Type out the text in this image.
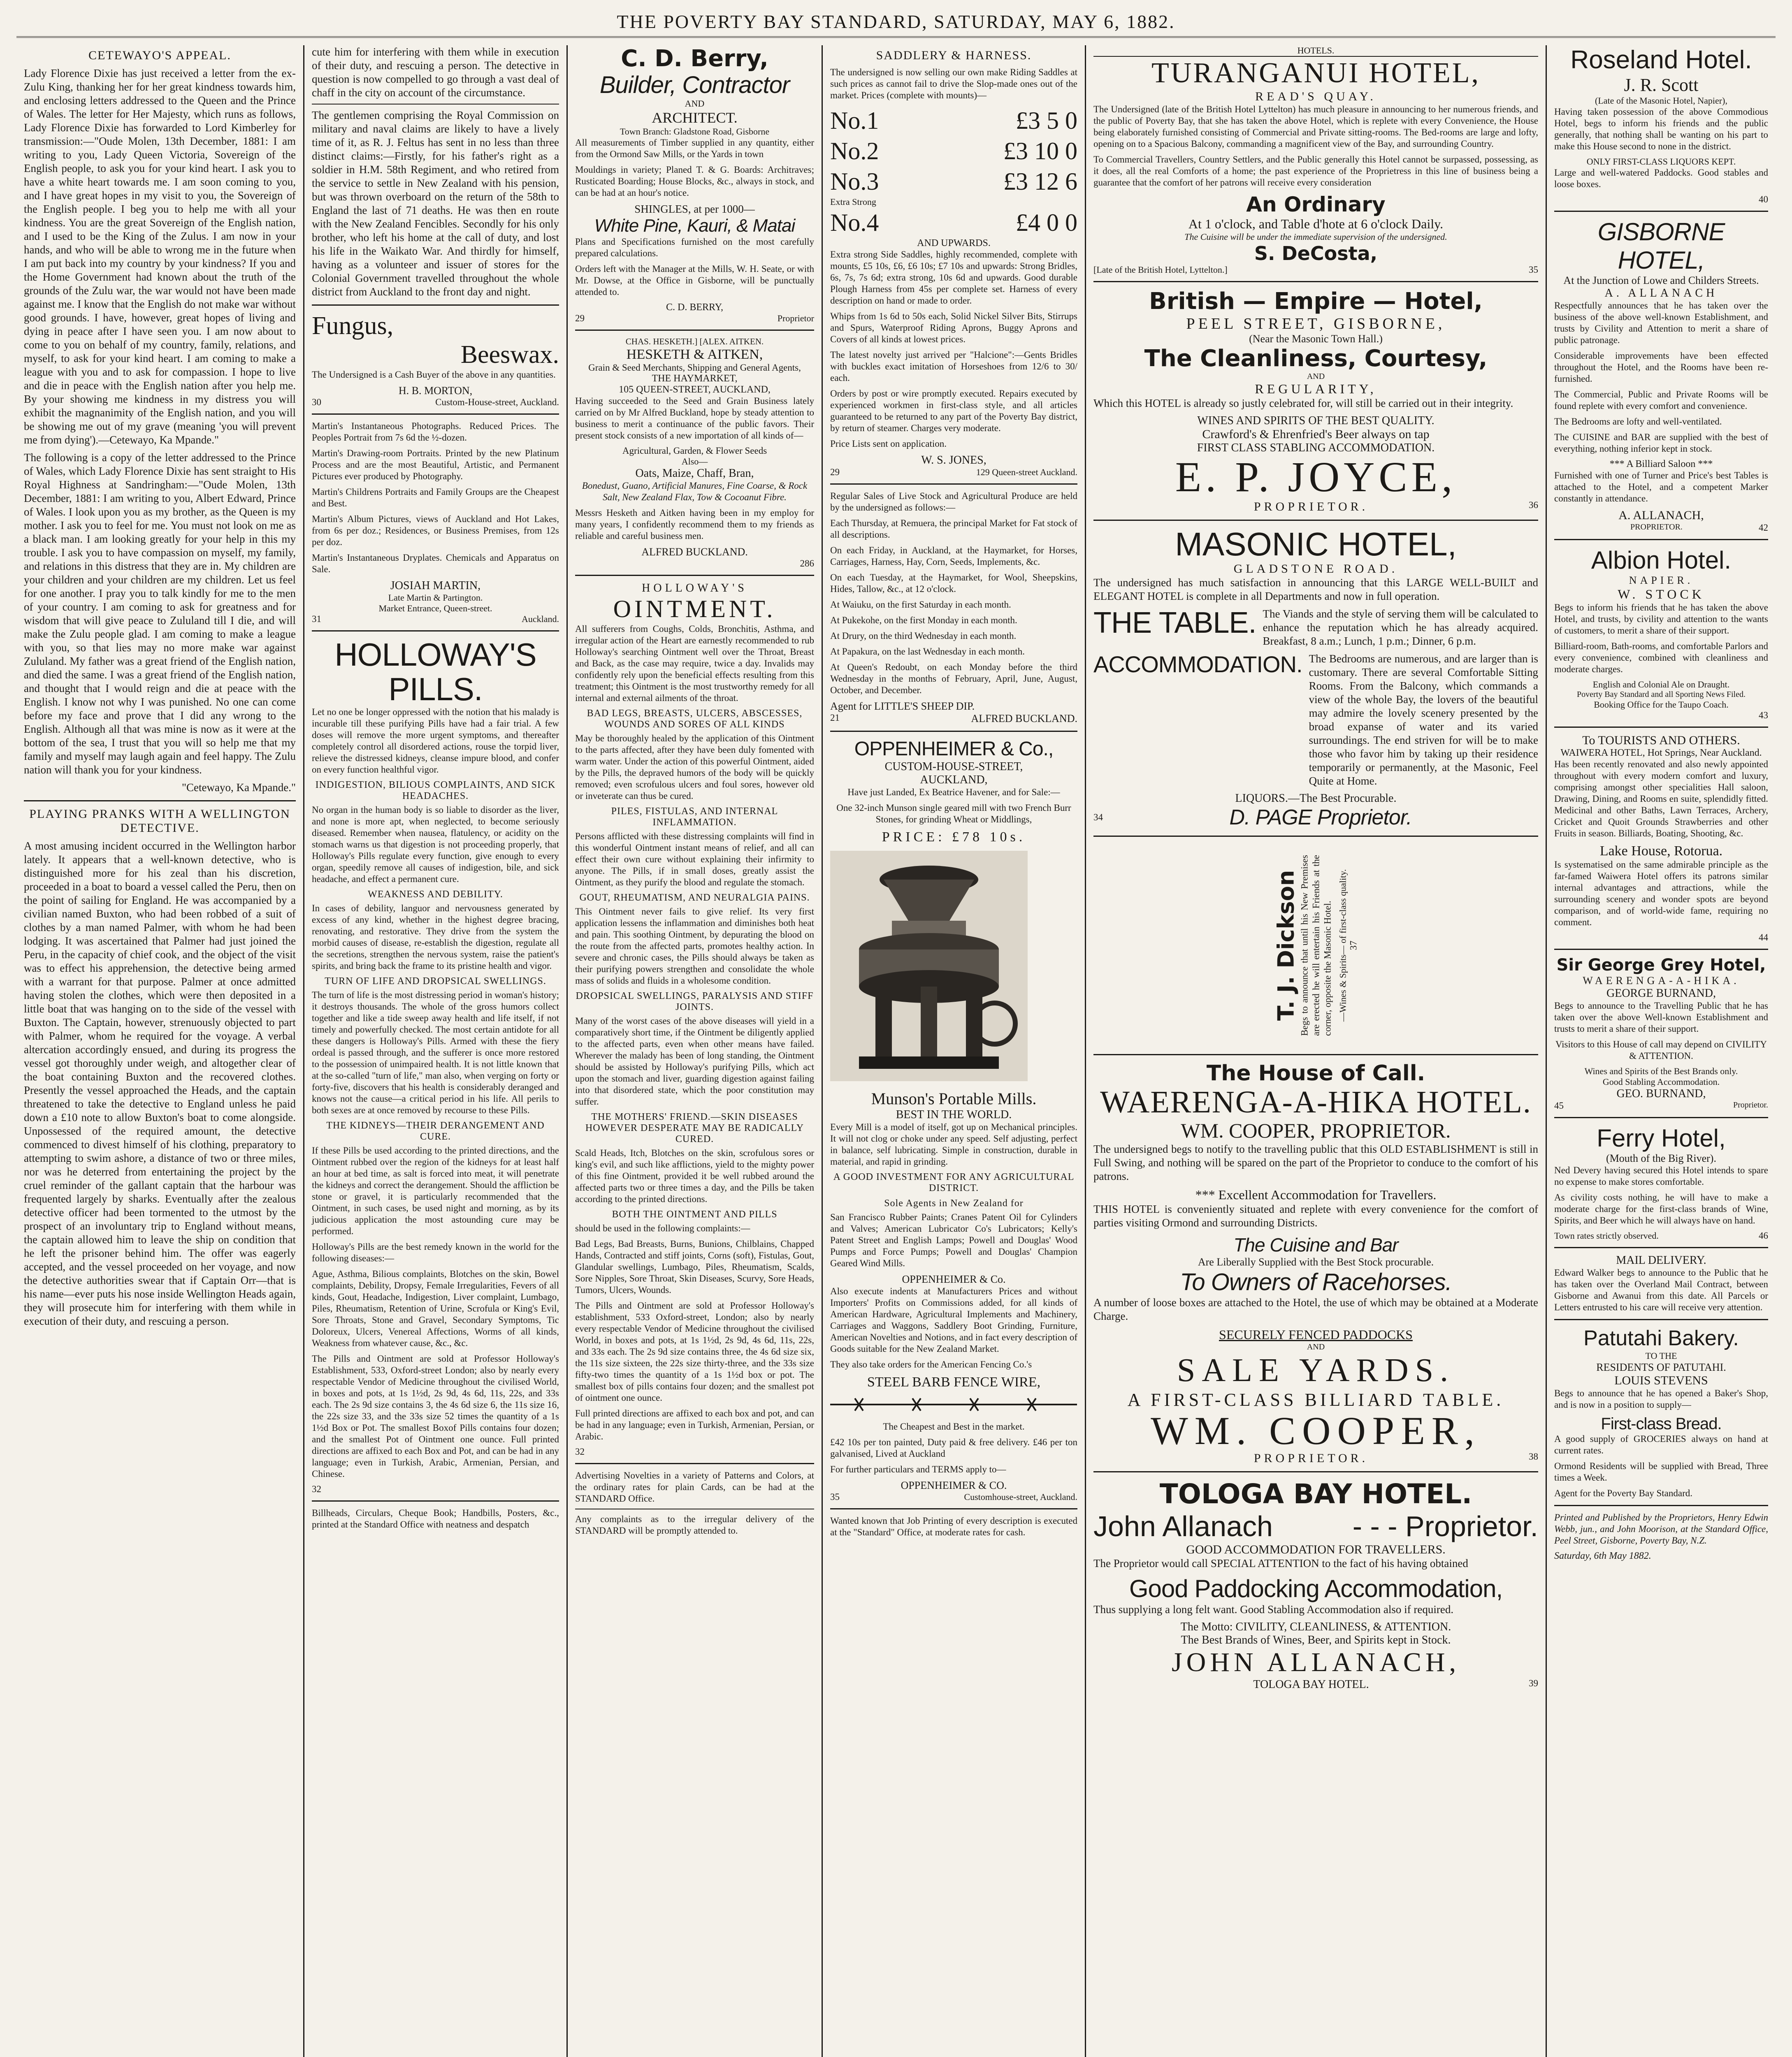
THE POVERTY BAY STANDARD, SATURDAY, MAY 6, 1882.
CETEWAYO'S APPEAL.

Lady Florence Dixie has just received a letter from the ex-Zulu King, thanking her for her great kindness towards him, and enclosing letters addressed to the Queen and the Prince of Wales. The letter for Her Majesty, which runs as follows, Lady Florence Dixie has forwarded to Lord Kimberley for transmission:—"Oude Molen, 13th December, 1881: I am writing to you, Lady Queen Victoria, Sovereign of the English people, to ask you for your kind heart. I ask you to have a white heart towards me. I am soon coming to you, and I have great hopes in my visit to you, the Sovereign of the English people. I beg you to help me with all your kindness. You are the great Sovereign of the English nation, and I used to be the King of the Zulus. I am now in your hands, and who will be able to wrong me in the future when I am put back into my country by your kindness? If you and the Home Government had known about the truth of the grounds of the Zulu war, the war would not have been made against me. I know that the English do not make war without good grounds. I have, however, great hopes of living and dying in peace after I have seen you. I am now about to come to you on behalf of my country, family, relations, and myself, to ask for your kind heart. I am coming to make a league with you and to ask for compassion. I hope to live and die in peace with the English nation after you help me. By your showing me kindness in my distress you will exhibit the magnanimity of the English nation, and you will be showing me out of my grave (meaning 'you will prevent me from dying').—Cetewayo, Ka Mpande."

The following is a copy of the letter addressed to the Prince of Wales, which Lady Florence Dixie has sent straight to His Royal Highness at Sandringham:—"Oude Molen, 13th December, 1881: I am writing to you, Albert Edward, Prince of Wales. I look upon you as my brother, as the Queen is my mother. I ask you to feel for me. You must not look on me as a black man. I am looking greatly for your help in this my trouble. I ask you to have compassion on myself, my family, and relations in this distress that they are in. My children are your children and your children are my children. Let us feel for one another. I pray you to talk kindly for me to the men of your country. I am coming to ask for greatness and for wisdom that will give peace to Zululand till I die, and will make the Zulu people glad. I am coming to make a league with you, so that lies may no more make war against Zululand. My father was a great friend of the English nation, and died the same. I was a great friend of the English nation, and thought that I would reign and die at peace with the English. I know not why I was punished. No one can come before my face and prove that I did any wrong to the English. Although all that was mine is now as it were at the bottom of the sea, I trust that you will so help me that my family and myself may laugh again and feel happy. The Zulu nation will thank you for your kindness.

"Cetewayo, Ka Mpande."

PLAYING PRANKS WITH A WELLINGTON DETECTIVE.

A most amusing incident occurred in the Wellington harbor lately. It appears that a well-known detective, who is distinguished more for his zeal than his discretion, proceeded in a boat to board a vessel called the Peru, then on the point of sailing for England. He was accompanied by a civilian named Buxton, who had been robbed of a suit of clothes by a man named Palmer, with whom he had been lodging. It was ascertained that Palmer had just joined the Peru, in the capacity of chief cook, and the object of the visit was to effect his apprehension, the detective being armed with a warrant for that purpose. Palmer at once admitted having stolen the clothes, which were then deposited in a little boat that was hanging on to the side of the vessel with Buxton. The Captain, however, strenuously objected to part with Palmer, whom he required for the voyage. A verbal altercation accordingly ensued, and during its progress the vessel got thoroughly under weigh, and altogether clear of the boat containing Buxton and the recovered clothes. Presently the vessel approached the Heads, and the captain threatened to take the detective to England unless he paid down a £10 note to allow Buxton's boat to come alongside. Unpossessed of the required amount, the detective commenced to divest himself of his clothing, preparatory to attempting to swim ashore, a distance of two or three miles, nor was he deterred from entertaining the project by the cruel reminder of the gallant captain that the harbour was frequented largely by sharks. Eventually after the zealous detective officer had been tormented to the utmost by the prospect of an involuntary trip to England without means, the captain allowed him to leave the ship on condition that he left the prisoner behind him. The offer was eagerly accepted, and the vessel proceeded on her voyage, and now the detective authorities swear that if Captain Orr—that is his name—ever puts his nose inside Wellington Heads again, they will prosecute him for interfering with them while in execution of their duty, and rescuing a person.

cute him for interfering with them while in execution of their duty, and rescuing a person. The detective in question is now compelled to go through a vast deal of chaff in the city on account of the circumstance.

The gentlemen comprising the Royal Commission on military and naval claims are likely to have a lively time of it, as R. J. Feltus has sent in no less than three distinct claims:—Firstly, for his father's right as a soldier in H.M. 58th Regiment, and who retired from the service to settle in New Zealand with his pension, but was thrown overboard on the return of the 58th to England the last of 71 deaths. He was then en route with the New Zealand Fencibles. Secondly for his only brother, who left his home at the call of duty, and lost his life in the Waikato War. And thirdly for himself, having as a volunteer and issuer of stores for the Colonial Government travelled throughout the whole district from Auckland to the front day and night.

Fungus,
Beeswax.

The Undersigned is a Cash Buyer of the above in any quantities.

H. B. MORTON,
30	Custom-House-street, Auckland.

Martin's Instantaneous Photographs. Reduced Prices. The Peoples Portrait from 7s 6d the ½-dozen.

Martin's Drawing-room Portraits. Printed by the new Platinum Process and are the most Beautiful, Artistic, and Permanent Pictures ever produced by Photography.

Martin's Childrens Portraits and Family Groups are the Cheapest and Best.

Martin's Album Pictures, views of Auckland and Hot Lakes, from 6s per doz.; Residences, or Business Premises, from 12s per doz.

Martin's Instantaneous Dryplates. Chemicals and Apparatus on Sale.

JOSIAH MARTIN,
Late Martin & Partington.
Market Entrance, Queen-street.
31	Auckland.
HOLLOWAY'S PILLS.

Let no one be longer oppressed with the notion that his malady is incurable till these purifying Pills have had a fair trial. A few doses will remove the more urgent symptoms, and thereafter completely control all disordered actions, rouse the torpid liver, relieve the distressed kidneys, cleanse impure blood, and confer on every function healthful vigor.

INDIGESTION, BILIOUS COMPLAINTS, AND SICK HEADACHES.

No organ in the human body is so liable to disorder as the liver, and none is more apt, when neglected, to become seriously diseased. Remember when nausea, flatulency, or acidity on the stomach warns us that digestion is not proceeding properly, that Holloway's Pills regulate every function, give enough to every organ, speedily remove all causes of indigestion, bile, and sick headache, and effect a permanent cure.

WEAKNESS AND DEBILITY.

In cases of debility, languor and nervousness generated by excess of any kind, whether in the highest degree bracing, renovating, and restorative. They drive from the system the morbid causes of disease, re-establish the digestion, regulate all the secretions, strengthen the nervous system, raise the patient's spirits, and bring back the frame to its pristine health and vigor.

TURN OF LIFE AND DROPSICAL SWELLINGS.

The turn of life is the most distressing period in woman's history; it destroys thousands. The whole of the gross humors collect together and like a tide sweep away health and life itself, if not timely and powerfully checked. The most certain antidote for all these dangers is Holloway's Pills. Armed with these the fiery ordeal is passed through, and the sufferer is once more restored to the possession of unimpaired health. It is not little known that at the so-called "turn of life," man also, when verging on forty or forty-five, discovers that his health is considerably deranged and knows not the cause—a critical period in his life. All perils to both sexes are at once removed by recourse to these Pills.

THE KIDNEYS—THEIR DERANGEMENT AND CURE.

If these Pills be used according to the printed directions, and the Ointment rubbed over the region of the kidneys for at least half an hour at bed time, as salt is forced into meat, it will penetrate the kidneys and correct the derangement. Should the affliction be stone or gravel, it is particularly recommended that the Ointment, in such cases, be used night and morning, as by its judicious application the most astounding cure may be performed.

Holloway's Pills are the best remedy known in the world for the following diseases:—

Ague, Asthma, Bilious complaints, Blotches on the skin, Bowel complaints, Debility, Dropsy, Female Irregularities, Fevers of all kinds, Gout, Headache, Indigestion, Liver complaint, Lumbago, Piles, Rheumatism, Retention of Urine, Scrofula or King's Evil, Sore Throats, Stone and Gravel, Secondary Symptoms, Tic Doloreux, Ulcers, Venereal Affections, Worms of all kinds, Weakness from whatever cause, &c., &c.

The Pills and Ointment are sold at Professor Holloway's Establishment, 533, Oxford-street London; also by nearly every respectable Vendor of Medicine throughout the civilised World, in boxes and pots, at 1s 1½d, 2s 9d, 4s 6d, 11s, 22s, and 33s each. The 2s 9d size contains 3, the 4s 6d size 6, the 11s size 16, the 22s size 33, and the 33s size 52 times the quantity of a 1s 1½d Box or Pot. The smallest Boxof Pills contains four dozen; and the smallest Pot of Ointment one ounce. Full printed directions are affixed to each Box and Pot, and can be had in any language; even in Turkish, Arabic, Armenian, Persian, and Chinese.

32

Billheads, Circulars, Cheque Book; Handbills, Posters, &c., printed at the Standard Office with neatness and despatch

C. D. Berry,
Builder, Contractor
AND
ARCHITECT.
Town Branch: Gladstone Road, Gisborne

All measurements of Timber supplied in any quantity, either from the Ormond Saw Mills, or the Yards in town

Mouldings in variety; Planed T. & G. Boards: Architraves; Rusticated Boarding; House Blocks, &c., always in stock, and can be had at an hour's notice.

SHINGLES, at per 1000—
White Pine, Kauri, & Matai

Plans and Specifications furnished on the most carefully prepared calculations.

Orders left with the Manager at the Mills, W. H. Seate, or with Mr. Dowse, at the Office in Gisborne, will be punctually attended to.

C. D. BERRY,
29	Proprietor
CHAS. HESKETH.] [ALEX. AITKEN.
HESKETH & AITKEN,
Grain & Seed Merchants, Shipping and General Agents,
THE HAYMARKET,
105 QUEEN-STREET, AUCKLAND,

Having succeeded to the Seed and Grain Business lately carried on by Mr Alfred Buckland, hope by steady attention to business to merit a continuance of the public favors. Their present stock consists of a new importation of all kinds of—

Agricultural, Garden, & Flower Seeds
Also—
Oats, Maize, Chaff, Bran,

Bonedust, Guano, Artificial Manures, Fine Coarse, & Rock Salt, New Zealand Flax, Tow & Cocoanut Fibre.

Messrs Hesketh and Aitken having been in my employ for many years, I confidently recommend them to my friends as reliable and careful business men.

ALFRED BUCKLAND.
286
HOLLOWAY'S
OINTMENT.

All sufferers from Coughs, Colds, Bronchitis, Asthma, and irregular action of the Heart are earnestly recommended to rub Holloway's searching Ointment well over the Throat, Breast and Back, as the case may require, twice a day. Invalids may confidently rely upon the beneficial effects resulting from this treatment; this Ointment is the most trustworthy remedy for all internal and external ailments of the throat.

BAD LEGS, BREASTS, ULCERS, ABSCESSES, WOUNDS AND SORES OF ALL KINDS

May be thoroughly healed by the application of this Ointment to the parts affected, after they have been duly fomented with warm water. Under the action of this powerful Ointment, aided by the Pills, the depraved humors of the body will be quickly removed; even scrofulous ulcers and foul sores, however old or inveterate can thus be cured.

PILES, FISTULAS, AND INTERNAL INFLAMMATION.

Persons afflicted with these distressing complaints will find in this wonderful Ointment instant means of relief, and all can effect their own cure without explaining their infirmity to anyone. The Pills, if in small doses, greatly assist the Ointment, as they purify the blood and regulate the stomach.

GOUT, RHEUMATISM, AND NEURALGIA PAINS.

This Ointment never fails to give relief. Its very first application lessens the inflammation and diminishes both heat and pain. This soothing Ointment, by depurating the blood on the route from the affected parts, promotes healthy action. In severe and chronic cases, the Pills should always be taken as their purifying powers strengthen and consolidate the whole mass of solids and fluids in a wholesome condition.

DROPSICAL SWELLINGS, PARALYSIS AND STIFF JOINTS.

Many of the worst cases of the above diseases will yield in a comparatively short time, if the Ointment be diligently applied to the affected parts, even when other means have failed. Wherever the malady has been of long standing, the Ointment should be assisted by Holloway's purifying Pills, which act upon the stomach and liver, guarding digestion against failing into that disordered state, which the poor constitution may suffer.

THE MOTHERS' FRIEND.—SKIN DISEASES HOWEVER DESPERATE MAY BE RADICALLY CURED.

Scald Heads, Itch, Blotches on the skin, scrofulous sores or king's evil, and such like afflictions, yield to the mighty power of this fine Ointment, provided it be well rubbed around the affected parts two or three times a day, and the Pills be taken according to the printed directions.

BOTH THE OINTMENT AND PILLS

should be used in the following complaints:—

Bad Legs, Bad Breasts, Burns, Bunions, Chilblains, Chapped Hands, Contracted and stiff joints, Corns (soft), Fistulas, Gout, Glandular swellings, Lumbago, Piles, Rheumatism, Scalds, Sore Nipples, Sore Throat, Skin Diseases, Scurvy, Sore Heads, Tumors, Ulcers, Wounds.

The Pills and Ointment are sold at Professor Holloway's establishment, 533 Oxford-street, London; also by nearly every respectable Vendor of Medicine throughout the civilised World, in boxes and pots, at 1s 1½d, 2s 9d, 4s 6d, 11s, 22s, and 33s each. The 2s 9d size contains three, the 4s 6d size six, the 11s size sixteen, the 22s size thirty-three, and the 33s size fifty-two times the quantity of a 1s 1½d box or pot. The smallest box of pills contains four dozen; and the smallest pot of ointment one ounce.

Full printed directions are affixed to each box and pot, and can be had in any language; even in Turkish, Armenian, Persian, or Arabic.

32

Advertising Novelties in a variety of Patterns and Colors, at the ordinary rates for plain Cards, can be had at the STANDARD Office.

Any complaints as to the irregular delivery of the STANDARD will be promptly attended to.

SADDLERY & HARNESS.

The undersigned is now selling our own make Riding Saddles at such prices as cannot fail to drive the Slop-made ones out of the market. Prices (complete with mounts)—

No.1	£3 5 0
No.2	£3 10 0
No.3	£3 12 6
Extra Strong
No.4	£4 0 0
AND UPWARDS.

Extra strong Side Saddles, highly recommended, complete with mounts, £5 10s, £6, £6 10s; £7 10s and upwards: Strong Bridles, 6s, 7s, 7s 6d; extra strong, 10s 6d and upwards. Good durable Plough Harness from 45s per complete set. Harness of every description on hand or made to order.

Whips from 1s 6d to 50s each, Solid Nickel Silver Bits, Stirrups and Spurs, Waterproof Riding Aprons, Buggy Aprons and Covers of all kinds at lowest prices.

The latest novelty just arrived per "Halcione":—Gents Bridles with buckles exact imitation of Horseshoes from 12/6 to 30/ each.

Orders by post or wire promptly executed. Repairs executed by experienced workmen in first-class style, and all articles guaranteed to be returned to any part of the Poverty Bay district, by return of steamer. Charges very moderate.

Price Lists sent on application.

W. S. JONES,
29	129 Queen-street Auckland.

Regular Sales of Live Stock and Agricultural Produce are held by the undersigned as follows:—

Each Thursday, at Remuera, the principal Market for Fat stock of all descriptions.

On each Friday, in Auckland, at the Haymarket, for Horses, Carriages, Harness, Hay, Corn, Seeds, Implements, &c.

On each Tuesday, at the Haymarket, for Wool, Sheepskins, Hides, Tallow, &c., at 12 o'clock.

At Waiuku, on the first Saturday in each month.

At Pukekohe, on the first Monday in each month.

At Drury, on the third Wednesday in each month.

At Papakura, on the last Wednesday in each month.

At Queen's Redoubt, on each Monday before the third Wednesday in the months of February, April, June, August, October, and December.

Agent for LITTLE'S SHEEP DIP.
21	ALFRED BUCKLAND.
OPPENHEIMER & Co.,
CUSTOM-HOUSE-STREET,
AUCKLAND,

Have just Landed, Ex Beatrice Havener, and for Sale:—

One 32-inch Munson single geared mill with two French Burr Stones, for grinding Wheat or Middlings,

PRICE: £78 10s.
Munson's Portable Mills.
BEST IN THE WORLD.

Every Mill is a model of itself, got up on Mechanical principles. It will not clog or choke under any speed. Self adjusting, perfect in balance, self lubricating. Simple in construction, durable in material, and rapid in grinding.

A GOOD INVESTMENT FOR ANY AGRICULTURAL DISTRICT.
Sole Agents in New Zealand for

San Francisco Rubber Paints; Cranes Patent Oil for Cylinders and Valves; American Lubricator Co's Lubricators; Kelly's Patent Street and English Lamps; Powell and Douglas' Wood Pumps and Force Pumps; Powell and Douglas' Champion Geared Wind Mills.

OPPENHEIMER & Co.

Also execute indents at Manufacturers Prices and without Importers' Profits on Commissions added, for all kinds of American Hardware, Agricultural Implements and Machinery, Carriages and Waggons, Saddlery Boot Grinding, Furniture, American Novelties and Notions, and in fact every description of Goods suitable for the New Zealand Market.

They also take orders for the American Fencing Co.'s

STEEL BARB FENCE WIRE,

The Cheapest and Best in the market.

£42 10s per ton painted, Duty paid & free delivery. £46 per ton galvanised, Lived at Auckland

For further particulars and TERMS apply to—

OPPENHEIMER & CO.
35	Customhouse-street, Auckland.

Wanted known that Job Printing of every description is executed at the "Standard" Office, at moderate rates for cash.

HOTELS.
TURANGANUI HOTEL,
READ'S QUAY.

The Undersigned (late of the British Hotel Lyttelton) has much pleasure in announcing to her numerous friends, and the public of Poverty Bay, that she has taken the above Hotel, which is replete with every Convenience, the House being elaborately furnished consisting of Commercial and Private sitting-rooms. The Bed-rooms are large and lofty, opening on to a Spacious Balcony, commanding a magnificent view of the Bay, and surrounding Country.

To Commercial Travellers, Country Settlers, and the Public generally this Hotel cannot be surpassed, possessing, as it does, all the real Comforts of a home; the past experience of the Proprietress in this line of business being a guarantee that the comfort of her patrons will receive every consideration

An Ordinary
At 1 o'clock, and Table d'hote at 6 o'clock Daily.
The Cuisine will be under the immediate supervision of the undersigned.
S. DeCosta,
[Late of the British Hotel, Lyttelton.]	35
British — Empire — Hotel,
PEEL STREET, GISBORNE,
(Near the Masonic Town Hall.)
The Cleanliness, Courtesy,
AND
REGULARITY,

Which this HOTEL is already so justly celebrated for, will still be carried out in their integrity.

WINES AND SPIRITS OF THE BEST QUALITY.
Crawford's & Ehrenfried's Beer always on tap
FIRST CLASS STABLING ACCOMMODATION.
E. P. JOYCE,
PROPRIETOR.	36
MASONIC HOTEL,
GLADSTONE ROAD.

The undersigned has much satisfaction in announcing that this LARGE WELL-BUILT and ELEGANT HOTEL is complete in all Departments and now in full operation.

THE TABLE. The Viands and the style of serving them will be calculated to enhance the reputation which he has already acquired. Breakfast, 8 a.m.; Lunch, 1 p.m.; Dinner, 6 p.m.

ACCOMMODATION. The Bedrooms are numerous, and are larger than is customary. There are several Comfortable Sitting Rooms. From the Balcony, which commands a view of the whole Bay, the lovers of the beautiful may admire the lovely scenery presented by the broad expanse of water and its varied surroundings. The end striven for will be to make those who favor him by taking up their residence temporarily or permanently, at the Masonic, Feel Quite at Home.

LIQUORS.—The Best Procurable.
34	D. PAGE Proprietor.
T. J. Dickson Begs to announce that until his New Premises are erected he will entertain his Friends at the corner, opposite the Masonic Hotel. —Wines & Spirits— of first-class quality. 37
The House of Call.
WAERENGA-A-HIKA HOTEL.
WM. COOPER, PROPRIETOR.

The undersigned begs to notify to the travelling public that this OLD ESTABLISHMENT is still in Full Swing, and nothing will be spared on the part of the Proprietor to conduce to the comfort of his patrons.

*** Excellent Accommodation for Travellers.

THIS HOTEL is conveniently situated and replete with every convenience for the comfort of parties visiting Ormond and surrounding Districts.

The Cuisine and Bar
Are Liberally Supplied with the Best Stock procurable.
To Owners of Racehorses.

A number of loose boxes are attached to the Hotel, the use of which may be obtained at a Moderate Charge.

SECURELY FENCED PADDOCKS
AND
SALE YARDS.
A FIRST-CLASS BILLIARD TABLE.
WM. COOPER,
PROPRIETOR.	38
TOLOGA BAY HOTEL.
John Allanach	- - - Proprietor.
GOOD ACCOMMODATION FOR TRAVELLERS.

The Proprietor would call SPECIAL ATTENTION to the fact of his having obtained

Good Paddocking Accommodation,

Thus supplying a long felt want. Good Stabling Accommodation also if required.

The Motto: CIVILITY, CLEANLINESS, & ATTENTION.
The Best Brands of Wines, Beer, and Spirits kept in Stock.
JOHN ALLANACH,
TOLOGA BAY HOTEL.	39
Roseland Hotel.
J. R. Scott
(Late of the Masonic Hotel, Napier),

Having taken possession of the above Commodious Hotel, begs to inform his friends and the public generally, that nothing shall be wanting on his part to make this House second to none in the district.

ONLY FIRST-CLASS LIQUORS KEPT.

Large and well-watered Paddocks. Good stables and loose boxes.

40
GISBORNE HOTEL,
At the Junction of Lowe and Childers Streets.
A. ALLANACH

Respectfully announces that he has taken over the business of the above well-known Establishment, and trusts by Civility and Attention to merit a share of public patronage.

Considerable improvements have been effected throughout the Hotel, and the Rooms have been re-furnished.

The Commercial, Public and Private Rooms will be found replete with every comfort and convenience.

The Bedrooms are lofty and well-ventilated.

The CUISINE and BAR are supplied with the best of everything, nothing inferior kept in stock.

*** A Billiard Saloon ***

Furnished with one of Turner and Price's best Tables is attached to the Hotel, and a competent Marker constantly in attendance.

A. ALLANACH,
PROPRIETOR.	42
Albion Hotel.
NAPIER.
W. STOCK

Begs to inform his friends that he has taken the above Hotel, and trusts, by civility and attention to the wants of customers, to merit a share of their support.

Billiard-room, Bath-rooms, and comfortable Parlors and every convenience, combined with cleanliness and moderate charges.

English and Colonial Ale on Draught.
Poverty Bay Standard and all Sporting News Filed.
Booking Office for the Taupo Coach.
43
To TOURISTS AND OTHERS.
WAIWERA HOTEL, Hot Springs, Near Auckland.

Has been recently renovated and also newly appointed throughout with every modern comfort and luxury, comprising amongst other specialities Hall saloon, Drawing, Dining, and Rooms en suite, splendidly fitted. Medicinal and other Baths, Lawn Terraces, Archery, Cricket and Quoit Grounds Strawberries and other Fruits in season. Billiards, Boating, Shooting, &c.

Lake House, Rotorua.

Is systematised on the same admirable principle as the far-famed Waiwera Hotel offers its patrons similar internal advantages and attractions, while the surrounding scenery and wonder spots are beyond comparison, and of world-wide fame, requiring no comment.

44
Sir George Grey Hotel,
WAERENGA-A-HIKA.
GEORGE BURNAND,

Begs to announce to the Travelling Public that he has taken over the above Well-known Establishment and trusts to merit a share of their support.

Visitors to this House of call may depend on CIVILITY & ATTENTION.

Wines and Spirits of the Best Brands only.
Good Stabling Accommodation.
GEO. BURNAND,
45	Proprietor.
Ferry Hotel,
(Mouth of the Big River).

Ned Devery having secured this Hotel intends to spare no expense to make stores comfortable.

As civility costs nothing, he will have to make a moderate charge for the first-class brands of Wine, Spirits, and Beer which he will always have on hand.

Town rates strictly observed.	46
MAIL DELIVERY.

Edward Walker begs to announce to the Public that he has taken over the Overland Mail Contract, between Gisborne and Awanui from this date. All Parcels or Letters entrusted to his care will receive very attention.

Patutahi Bakery.
TO THE
RESIDENTS OF PATUTAHI.
LOUIS STEVENS

Begs to announce that he has opened a Baker's Shop, and is now in a position to supply—

First-class Bread.

A good supply of GROCERIES always on hand at current rates.

Ormond Residents will be supplied with Bread, Three times a Week.

Agent for the Poverty Bay Standard.

Printed and Published by the Proprietors, Henry Edwin Webb, jun., and John Moorison, at the Standard Office, Peel Street, Gisborne, Poverty Bay, N.Z.

Saturday, 6th May 1882.
